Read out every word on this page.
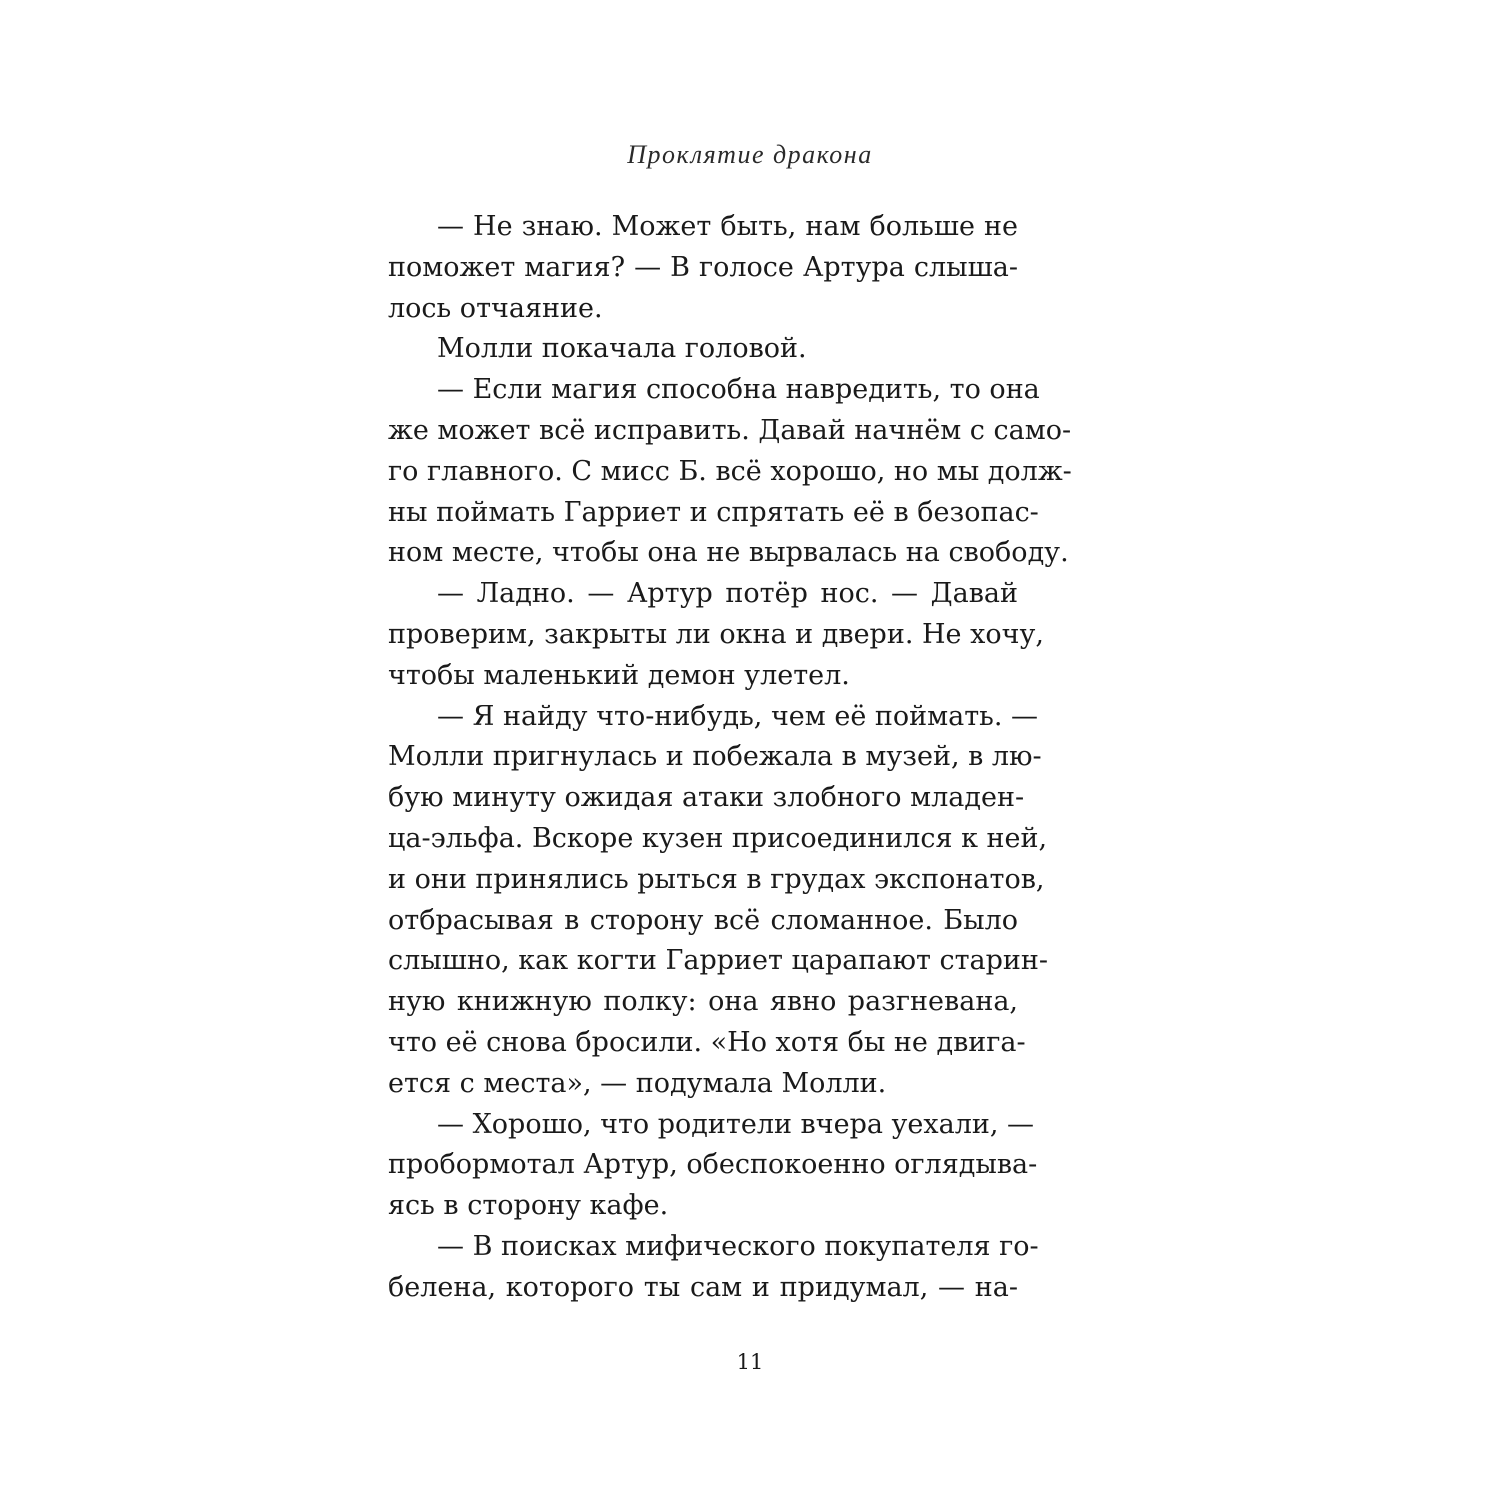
Проклятие дракона
— Не знаю. Может быть, нам больше не
поможет магия? — В голосе Артура слыша-
лось отчаяние.
Молли покачала головой.
— Если магия способна навредить, то она
же может всё исправить. Давай начнём с само-
го главного. С мисс Б. всё хорошо, но мы долж-
ны поймать Гарриет и спрятать её в безопас-
ном месте, чтобы она не вырвалась на свободу.
— Ладно. — Артур потёр нос. — Давай
проверим, закрыты ли окна и двери. Не хочу,
чтобы маленький демон улетел.
— Я найду что-нибудь, чем её поймать. —
Молли пригнулась и побежала в музей, в лю-
бую минуту ожидая атаки злобного младен-
ца-эльфа. Вскоре кузен присоединился к ней,
и они принялись рыться в грудах экспонатов,
отбрасывая в сторону всё сломанное. Было
слышно, как когти Гарриет царапают старин-
ную книжную полку: она явно разгневана,
что её снова бросили. «Но хотя бы не двига-
ется с места», — подумала Молли.
— Хорошо, что родители вчера уехали, —
пробормотал Артур, обеспокоенно оглядыва-
ясь в сторону кафе.
— В поисках мифического покупателя го-
белена, которого ты сам и придумал, — на-
11
